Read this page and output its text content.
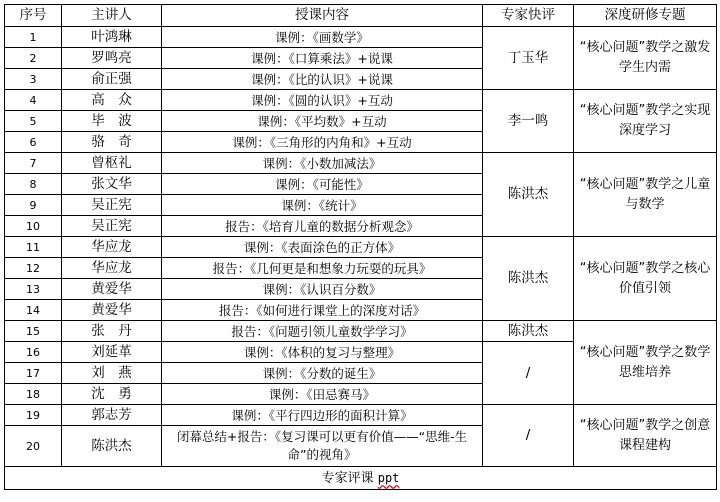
序号	主讲人	授课内容	专家快评	深度研修专题
1	叶鸿琳	课例：《画数学》	丁玉华	“核心问题”教学之激发学生内需
2	罗鸣亮	课例：《口算乘法》+说课		
3	俞正强	课例：《比的认识》+说课		
4	高　众	课例：《圆的认识》+互动	李一鸣	“核心问题”教学之实现深度学习
5	毕　波	课例：《平均数》+互动		
6	骆　奇	课例：《三角形的内角和》+互动		
7	曾枢礼	课例：《小数加减法》	陈洪杰	“核心问题”教学之儿童与数学
8	张文华	课例：《可能性》		
9	吴正宪	课例：《统计》		
10	吴正宪	报告：《培育儿童的数据分析观念》		
11	华应龙	课例：《表面涂色的正方体》	陈洪杰	“核心问题”教学之核心价值引领
12	华应龙	报告：《几何更是和想象力玩耍的玩具》		
13	黄爱华	课例：《认识百分数》		
14	黄爱华	报告：《如何进行课堂上的深度对话》		
15	张　丹	报告：《问题引领儿童数学学习》	陈洪杰	“核心问题”教学之数学思维培养
16	刘延革	课例：《体积的复习与整理》	/	
17	刘　燕	课例：《分数的诞生》		
18	沈　勇	课例：《田忌赛马》		
19	郭志芳	课例：《平行四边形的面积计算》	/	“核心问题”教学之创意课程建构
20	陈洪杰	闭幕总结+报告：《复习课可以更有价值——“思维-生命”的视角》		
专家评课 ppt				
